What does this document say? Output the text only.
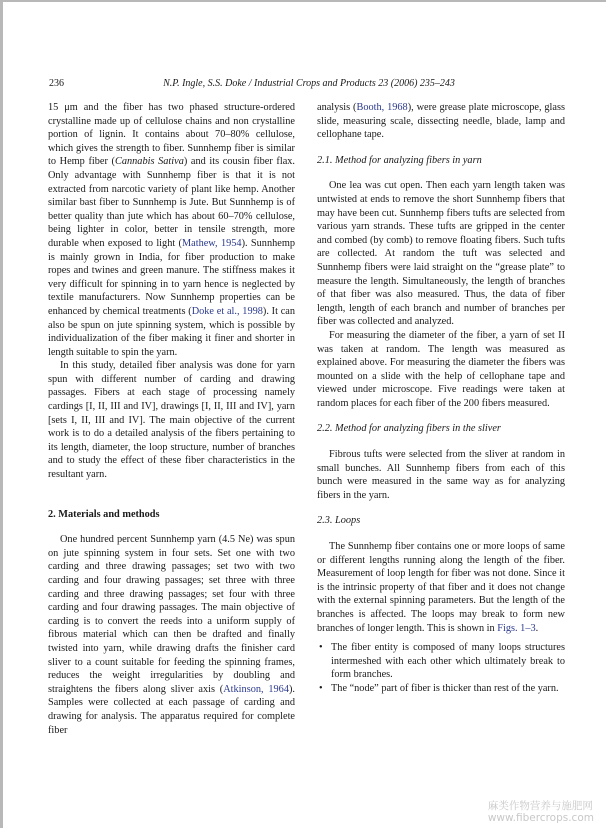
236	N.P. Ingle, S.S. Doke / Industrial Crops and Products 23 (2006) 235–243

15 μm and the fiber has two phased structure-ordered crystalline made up of cellulose chains and non crystalline portion of lignin. It contains about 70–80% cellulose, which gives the strength to fiber. Sunnhemp fiber is similar to Hemp fiber (Cannabis Sativa) and its cousin fiber flax. Only advantage with Sunnhemp fiber is that it is not extracted from narcotic variety of plant like hemp. Another similar bast fiber to Sunnhemp is Jute. But Sunnhemp is of better quality than jute which has about 60–70% cellulose, being lighter in color, better in tensile strength, more durable when exposed to light (Mathew, 1954). Sunnhemp is mainly grown in India, for fiber production to make ropes and twines and green manure. The stiffness makes it very difficult for spinning in to yarn hence is neglected by textile manufacturers. Now Sunnhemp properties can be enhanced by chemical treatments (Doke et al., 1998). It can also be spun on jute spinning system, which is possible by individualization of the fiber making it finer and shorter in length suitable to spin the yarn.

In this study, detailed fiber analysis was done for yarn spun with different number of carding and drawing passages. Fibers at each stage of processing namely cardings [I, II, III and IV], drawings [I, II, III and IV], yarn [sets I, II, III and IV]. The main objective of the current work is to do a detailed analysis of the fibers pertaining to its length, diameter, the loop structure, number of branches and to study the effect of these fiber characteristics in the resultant yarn.

2. Materials and methods

One hundred percent Sunnhemp yarn (4.5 Ne) was spun on jute spinning system in four sets. Set one with two carding and three drawing passages; set two with two carding and four drawing passages; set three with three carding and three drawing passages; set four with three carding and four drawing passages. The main objective of carding is to convert the reeds into a uniform supply of fibrous material which can then be drafted and finally twisted into yarn, while drawing drafts the finisher card sliver to a count suitable for feeding the spinning frames, reduces the weight irregularities by doubling and straightens the fibers along sliver axis (Atkinson, 1964). Samples were collected at each passage of carding and drawing for analysis. The apparatus required for complete fiber

analysis (Booth, 1968), were grease plate microscope, glass slide, measuring scale, dissecting needle, blade, lamp and cellophane tape.

2.1. Method for analyzing fibers in yarn

One lea was cut open. Then each yarn length taken was untwisted at ends to remove the short Sunnhemp fibers that may have been cut. Sunnhemp fibers tufts are selected from various yarn strands. These tufts are gripped in the center and combed (by comb) to remove floating fibers. Such tufts are collected. At random the tuft was selected and Sunnhemp fibers were laid straight on the “grease plate” to measure the length. Simultaneously, the length of branches of that fiber was also measured. Thus, the data of fiber length, length of each branch and number of branches per fiber was collected and analyzed.

For measuring the diameter of the fiber, a yarn of set II was taken at random. The length was measured as explained above. For measuring the diameter the fibers was mounted on a slide with the help of cellophane tape and viewed under microscope. Five readings were taken at random places for each fiber of the 200 fibers measured.

2.2. Method for analyzing fibers in the sliver

Fibrous tufts were selected from the sliver at random in small bunches. All Sunnhemp fibers from each of this bunch were measured in the same way as for analyzing fibers in the yarn.

2.3. Loops

The Sunnhemp fiber contains one or more loops of same or different lengths running along the length of the fiber. Measurement of loop length for fiber was not done. Since it is the intrinsic property of that fiber and it does not change with the external spinning parameters. But the length of the branches is affected. The loops may break to form new branches of longer length. This is shown in Figs. 1–3.

• The fiber entity is composed of many loops structures intermeshed with each other which ultimately break to form branches.
• The “node” part of fiber is thicker than rest of the yarn.
麻类作物营养与施肥网
www.fibercrops.com
